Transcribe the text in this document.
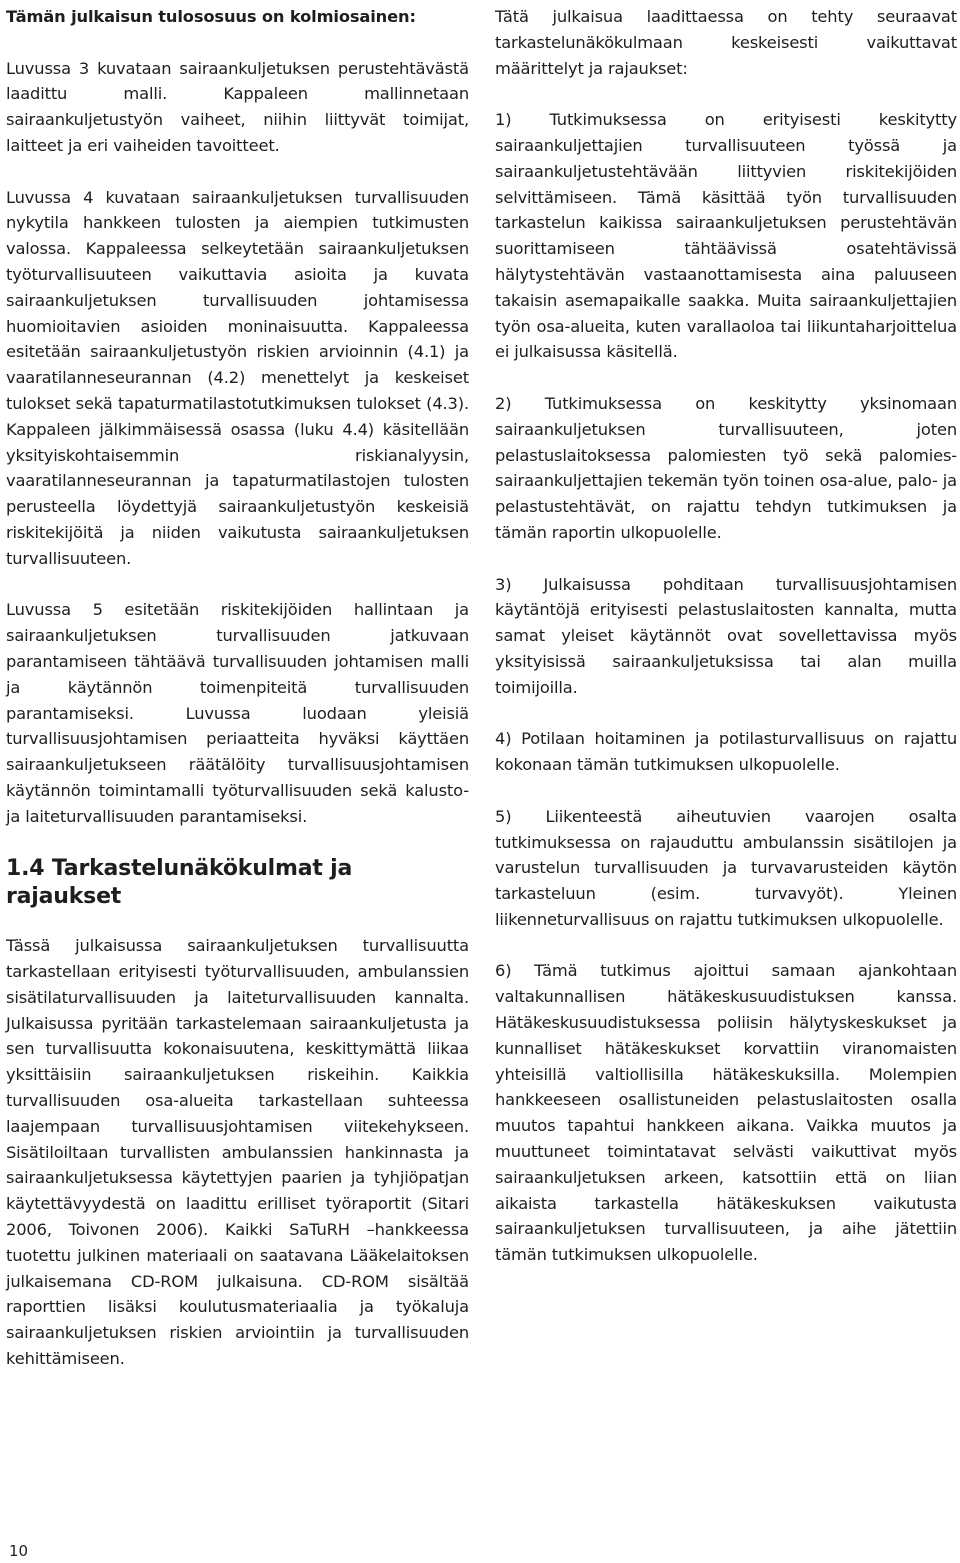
Tämän julkaisun tulososuus on kolmiosainen:

Luvussa 3 kuvataan sairaankuljetuksen perustehtävästä laadittu malli. Kappaleen mallinnetaan sairaankuljetustyön vaiheet, niihin liittyvät toimijat, laitteet ja eri vaiheiden tavoitteet.

Luvussa 4 kuvataan sairaankuljetuksen turvallisuuden nykytila hankkeen tulosten ja aiempien tutkimusten valossa. Kappaleessa selkeytetään sairaankuljetuksen työturvallisuuteen vaikuttavia asioita ja kuvata sairaankuljetuksen turvallisuuden johtamisessa huomioitavien asioiden moninaisuutta. Kappaleessa esitetään sairaankuljetustyön riskien arvioinnin (4.1) ja vaaratilanneseurannan (4.2) menettelyt ja keskeiset tulokset sekä tapaturmatilastotutkimuksen tulokset (4.3). Kappaleen jälkimmäisessä osassa (luku 4.4) käsitellään yksityiskohtaisemmin riskianalyysin, vaaratilanneseurannan ja tapaturmatilastojen tulosten perusteella löydettyjä sairaankuljetustyön keskeisiä riskitekijöitä ja niiden vaikutusta sairaankuljetuksen turvallisuuteen.

Luvussa 5 esitetään riskitekijöiden hallintaan ja sairaankuljetuksen turvallisuuden jatkuvaan parantamiseen tähtäävä turvallisuuden johtamisen malli ja käytännön toimenpiteitä turvallisuuden parantamiseksi. Luvussa luodaan yleisiä turvallisuusjohtamisen periaatteita hyväksi käyttäen sairaankuljetukseen räätälöity turvallisuusjohtamisen käytännön toimintamalli työturvallisuuden sekä kalusto- ja laiteturvallisuuden parantamiseksi.

1.4 Tarkastelunäkökulmat ja rajaukset

Tässä julkaisussa sairaankuljetuksen turvallisuutta tarkastellaan erityisesti työturvallisuuden, ambulanssien sisätilaturvallisuuden ja laiteturvallisuuden kannalta. Julkaisussa pyritään tarkastelemaan sairaankuljetusta ja sen turvallisuutta kokonaisuutena, keskittymättä liikaa yksittäisiin sairaankuljetuksen riskeihin. Kaikkia turvallisuuden osa-alueita tarkastellaan suhteessa laajempaan turvallisuusjohtamisen viitekehykseen. Sisätiloiltaan turvallisten ambulanssien hankinnasta ja sairaankuljetuksessa käytettyjen paarien ja tyhjiöpatjan käytettävyydestä on laadittu erilliset työraportit (Sitari 2006, Toivonen 2006). Kaikki SaTuRH –hankkeessa tuotettu julkinen materiaali on saatavana Lääkelaitoksen julkaisemana CD-ROM julkaisuna. CD-ROM sisältää raporttien lisäksi koulutusmateriaalia ja työkaluja sairaankuljetuksen riskien arviointiin ja turvallisuuden kehittämiseen.

Tätä julkaisua laadittaessa on tehty seuraavat tarkastelunäkökulmaan keskeisesti vaikuttavat määrittelyt ja rajaukset:

1) Tutkimuksessa on erityisesti keskitytty sairaankuljettajien turvallisuuteen työssä ja sairaankuljetustehtävään liittyvien riskitekijöiden selvittämiseen. Tämä käsittää työn turvallisuuden tarkastelun kaikissa sairaankuljetuksen perustehtävän suorittamiseen tähtäävissä osatehtävissä hälytystehtävän vastaanottamisesta aina paluuseen takaisin asemapaikalle saakka. Muita sairaankuljettajien työn osa-alueita, kuten varallaoloa tai liikuntaharjoittelua ei julkaisussa käsitellä.

2) Tutkimuksessa on keskitytty yksinomaan sairaankuljetuksen turvallisuuteen, joten pelastuslaitoksessa palomiesten työ sekä palomies-sairaankuljettajien tekemän työn toinen osa-alue, palo- ja pelastustehtävät, on rajattu tehdyn tutkimuksen ja tämän raportin ulkopuolelle.

3) Julkaisussa pohditaan turvallisuusjohtamisen käytäntöjä erityisesti pelastuslaitosten kannalta, mutta samat yleiset käytännöt ovat sovellettavissa myös yksityisissä sairaankuljetuksissa tai alan muilla toimijoilla.

4) Potilaan hoitaminen ja potilasturvallisuus on rajattu kokonaan tämän tutkimuksen ulkopuolelle.

5) Liikenteestä aiheutuvien vaarojen osalta tutkimuksessa on rajauduttu ambulanssin sisätilojen ja varustelun turvallisuuden ja turvavarusteiden käytön tarkasteluun (esim. turvavyöt). Yleinen liikenneturvallisuus on rajattu tutkimuksen ulkopuolelle.

6) Tämä tutkimus ajoittui samaan ajankohtaan valtakunnallisen hätäkeskusuudistuksen kanssa. Hätäkeskusuudistuksessa poliisin hälytyskeskukset ja kunnalliset hätäkeskukset korvattiin viranomaisten yhteisillä valtiollisilla hätäkeskuksilla. Molempien hankkeeseen osallistuneiden pelastuslaitosten osalla muutos tapahtui hankkeen aikana. Vaikka muutos ja muuttuneet toimintatavat selvästi vaikuttivat myös sairaankuljetuksen arkeen, katsottiin että on liian aikaista tarkastella hätäkeskuksen vaikutusta sairaankuljetuksen turvallisuuteen, ja aihe jätettiin tämän tutkimuksen ulkopuolelle.

10
